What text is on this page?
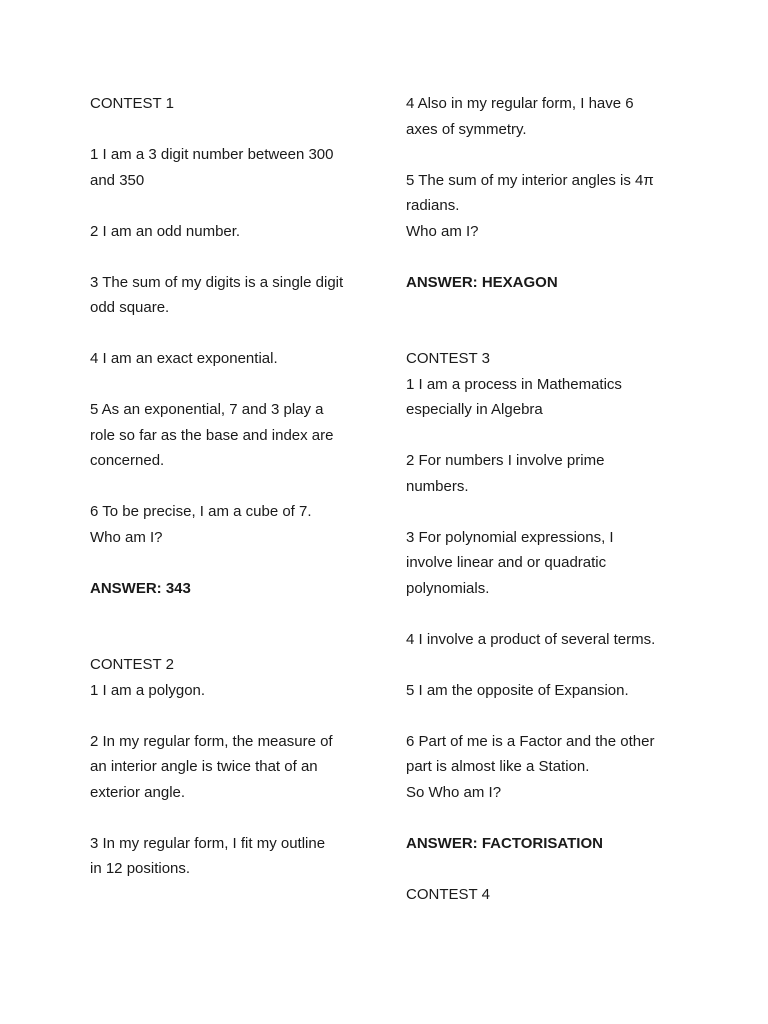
CONTEST 1
1 I am a 3 digit number between 300
and 350
2 I am an odd number.
3 The sum of my digits is a single digit
odd square.
4 I am an exact exponential.
5 As an exponential, 7 and 3 play a
role so far as the base and index are
concerned.
6 To be precise, I am a cube of 7.
Who am I?
ANSWER: 343
CONTEST 2
1 I am a polygon.
2 In my regular form, the measure of
an interior angle is twice that of an
exterior angle.
3 In my regular form, I fit my outline
in 12 positions.
4 Also in my regular form, I have 6
axes of symmetry.
5 The sum of my interior angles is 4π
radians.
Who am I?
ANSWER: HEXAGON
CONTEST 3
1 I am a process in Mathematics
especially in Algebra
2 For numbers I involve prime
numbers.
3 For polynomial expressions, I
involve linear and or quadratic
polynomials.
4 I involve a product of several terms.
5 I am the opposite of Expansion.
6 Part of me is a Factor and the other
part is almost like a Station.
So Who am I?
ANSWER: FACTORISATION
CONTEST 4
